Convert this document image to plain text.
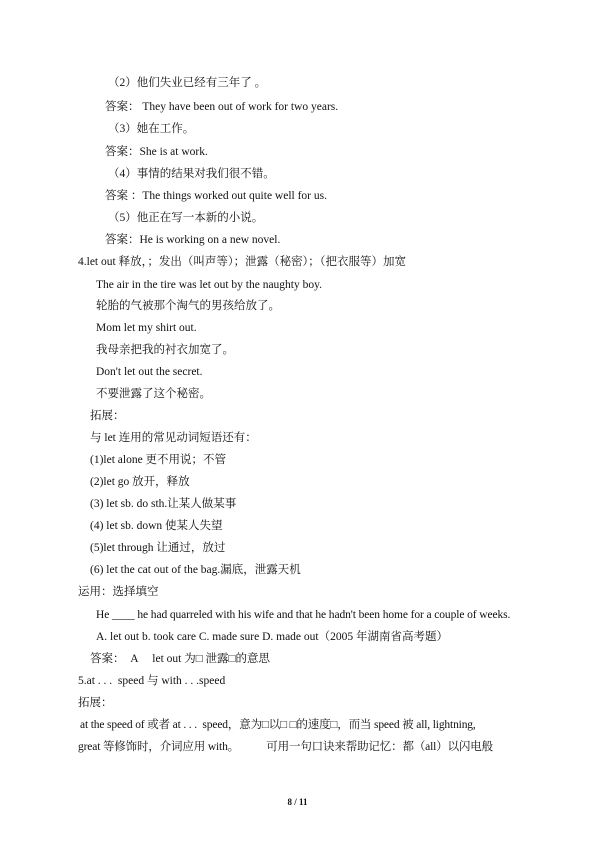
（2）他们失业已经有三年了 。
答案： They have been out of work for two years.
（3）她在工作。
答案：She is at work.
（4）事情的结果对我们很不错。
答案 ：The things worked out quite well for us.
（5）他正在写一本新的小说。
答案：He is working on a new novel.
4.let out 释放，；发出（叫声等）；泄露（秘密）；（把衣服等）加宽
The air in the tire was let out by the naughty boy.
轮胎的气被那个淘气的男孩给放了。
Mom let my shirt out.
我母亲把我的衬衣加宽了。
Don't let out the secret.
不要泄露了这个秘密。
拓展：
与 let 连用的常见动词短语还有：
(1)let alone 更不用说；不管
(2)let go 放开，释放
(3) let sb. do sth.让某人做某事
(4) let sb. down 使某人失望
(5)let through 让通过，放过
(6) let the cat out of the bag.漏底，泄露天机
运用：选择填空
He ____ he had quarreled with his wife and that he hadn't been home for a couple of weeks.
A. let out b. took care C. made sure D. made out（2005 年湖南省高考题）
答案：  A     let out 为□ 泄露□的意思
5.at . . .  speed 与 with . . .speed
拓展：
at the speed of 或者 at . . .  speed，意为□以□ □的速度□，而当 speed 被 all, lightning,
great 等修饰时，介词应用 with。          可用一句口诀来帮助记忆：都（all）以闪电般
8 / 11
